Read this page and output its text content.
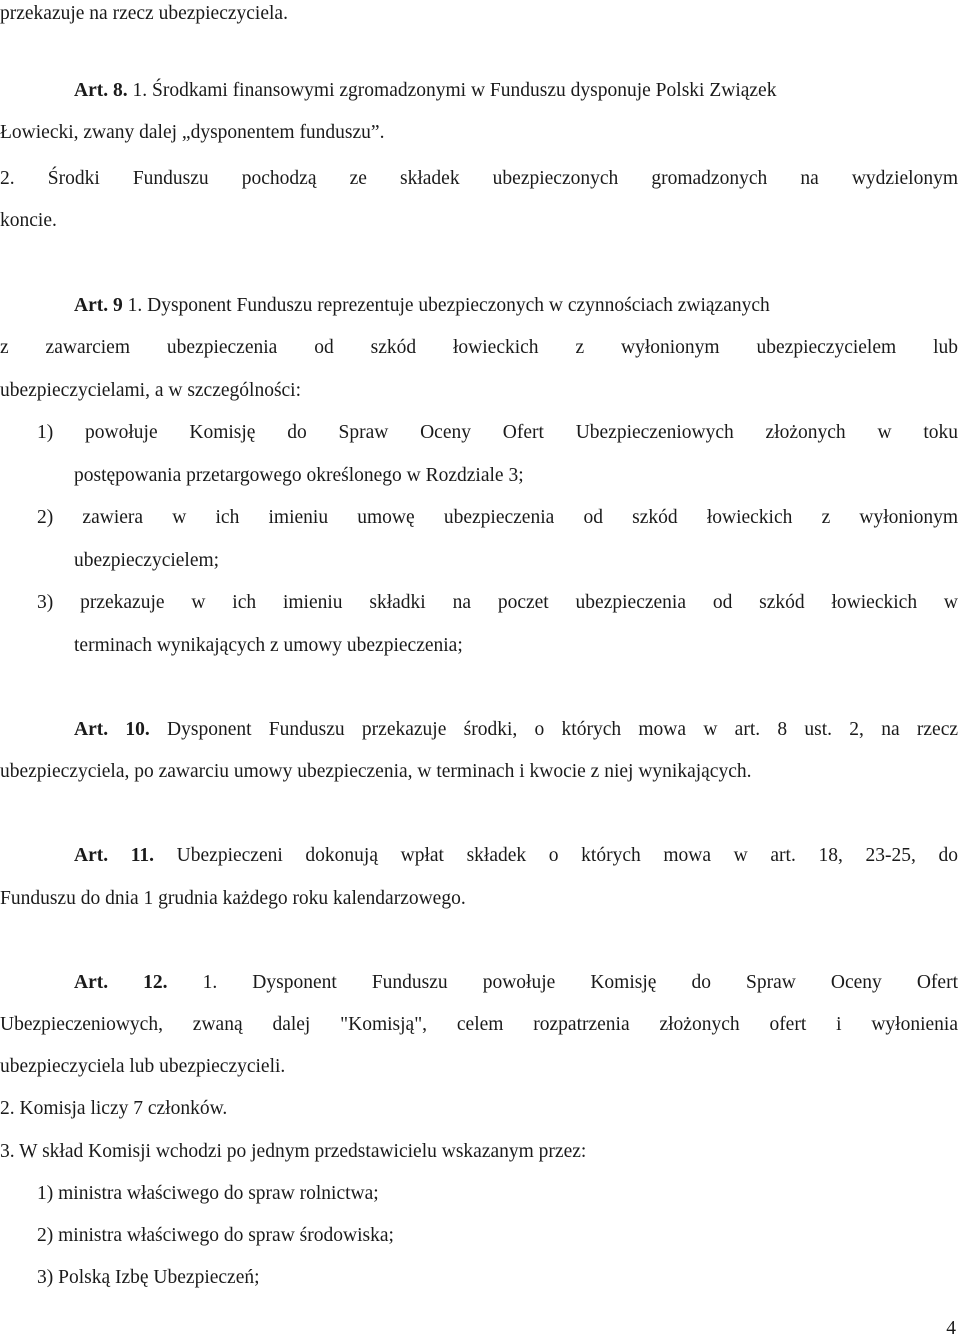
przekazuje na rzecz ubezpieczyciela.
Art. 8. 1. Środkami finansowymi zgromadzonymi w Funduszu dysponuje Polski Związek
Łowiecki, zwany dalej „dysponentem funduszu”.
2. Środki Funduszu pochodzą ze składek ubezpieczonych gromadzonych na wydzielonym
koncie.
Art. 9 1. Dysponent Funduszu reprezentuje ubezpieczonych w czynnościach związanych
z zawarciem ubezpieczenia od szkód łowieckich z wyłonionym ubezpieczycielem lub
ubezpieczycielami, a w szczególności:
1) powołuje Komisję do Spraw Oceny Ofert Ubezpieczeniowych złożonych w toku
postępowania przetargowego określonego w Rozdziale 3;
2) zawiera w ich imieniu umowę ubezpieczenia od szkód łowieckich z wyłonionym
ubezpieczycielem;
3) przekazuje w ich imieniu składki na poczet ubezpieczenia od szkód łowieckich w
terminach wynikających z umowy ubezpieczenia;
Art. 10. Dysponent Funduszu przekazuje środki, o których mowa w art. 8 ust. 2, na rzecz
ubezpieczyciela, po zawarciu umowy ubezpieczenia, w terminach i kwocie z niej wynikających.
Art. 11. Ubezpieczeni dokonują wpłat składek o których mowa w art. 18, 23-25, do
Funduszu do dnia 1 grudnia każdego roku kalendarzowego.
Art. 12. 1. Dysponent Funduszu powołuje Komisję do Spraw Oceny Ofert
Ubezpieczeniowych, zwaną dalej "Komisją", celem rozpatrzenia złożonych ofert i wyłonienia
ubezpieczyciela lub ubezpieczycieli.
2. Komisja liczy 7 członków.
3. W skład Komisji wchodzi po jednym przedstawicielu wskazanym przez:
1) ministra właściwego do spraw rolnictwa;
2) ministra właściwego do spraw środowiska;
3) Polską Izbę Ubezpieczeń;
4
